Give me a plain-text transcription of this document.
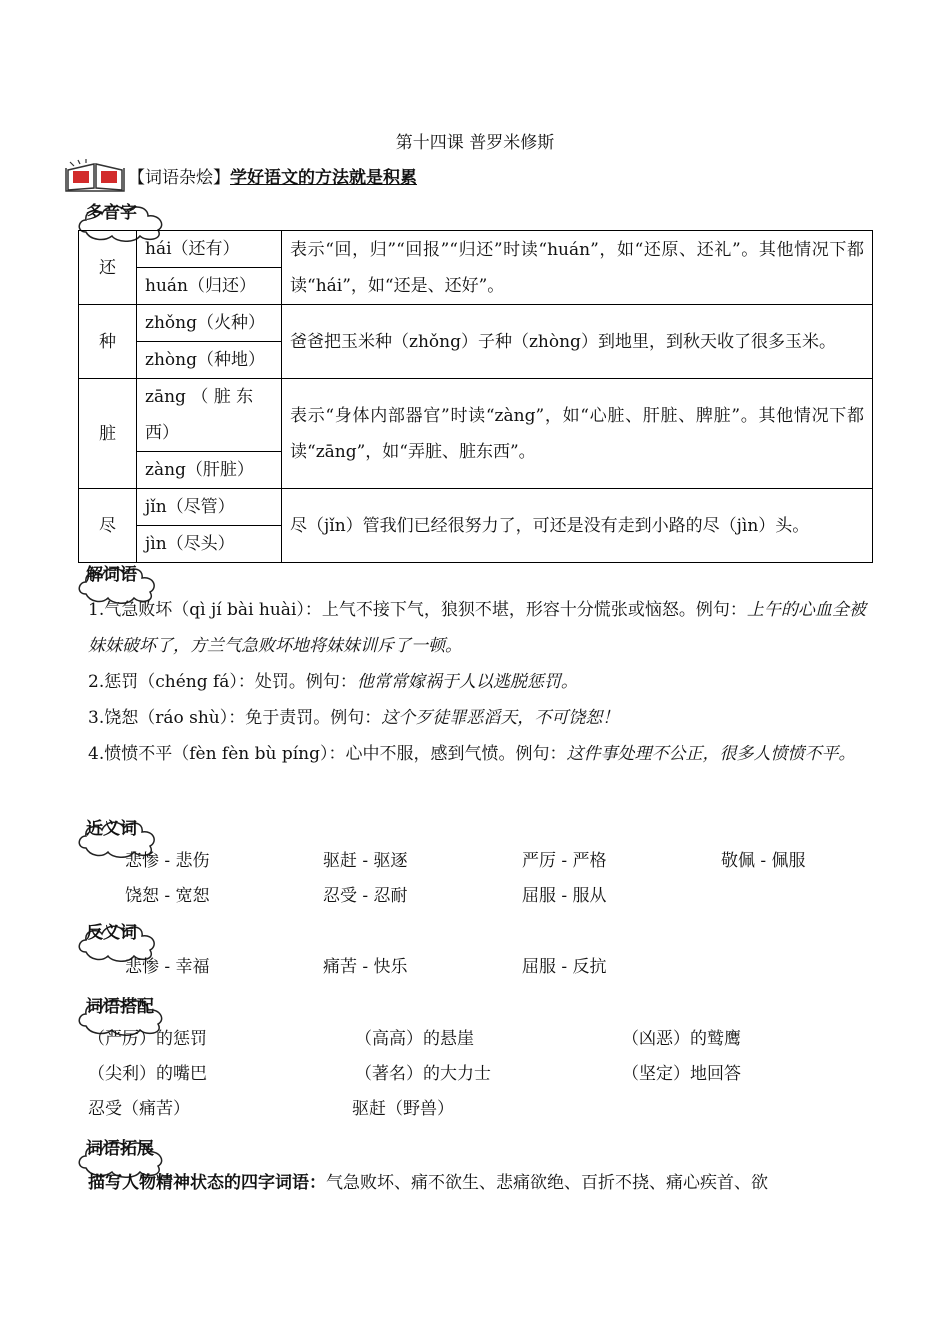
第十四课 普罗米修斯
【词语杂烩】学好语文的方法就是积累
多音字
解词语
近义词
反义词
词语搭配
词语拓展
还	hái（还有）	表示“回，归”“回报”“归还”时读“huán”，如“还原、还礼”。其他情况下都读“hái”，如“还是、还好”。
	huán（归还）	
种	zhǒng（火种）	爸爸把玉米种（zhǒng）子种（zhòng）到地里，到秋天收了很多玉米。
	zhòng（种地）	
脏	zāng （ 脏 东 西）	表示“身体内部器官”时读“zàng”，如“心脏、肝脏、脾脏”。其他情况下都读“zāng”，如“弄脏、脏东西”。
	zàng（肝脏）	
尽	jǐn（尽管）	尽（jǐn）管我们已经很努力了，可还是没有走到小路的尽（jìn）头。
	jìn（尽头）	

1.气急败坏（qì jí bài huài）：上气不接下气，狼狈不堪，形容十分慌张或恼怒。例句：上午的心血全被妹妹破坏了，方兰气急败坏地将妹妹训斥了一顿。

2.惩罚（chéng fá）：处罚。例句：他常常嫁祸于人以逃脱惩罚。

3.饶恕（ráo shù）：免于责罚。例句：这个歹徒罪恶滔天，不可饶恕！

4.愤愤不平（fèn fèn bù píng）：心中不服，感到气愤。例句：这件事处理不公正，很多人愤愤不平。

悲惨 - 悲伤	驱赶 - 驱逐	严厉 - 严格	敬佩 - 佩服
饶恕 - 宽恕	忍受 - 忍耐	屈服 - 服从
悲惨 - 幸福	痛苦 - 快乐	屈服 - 反抗
（严厉）的惩罚	（高高）的悬崖	（凶恶）的鹫鹰
（尖利）的嘴巴	（著名）的大力士	（坚定）地回答
忍受（痛苦）	驱赶（野兽）
描写人物精神状态的四字词语：气急败坏、痛不欲生、悲痛欲绝、百折不挠、痛心疾首、欲
